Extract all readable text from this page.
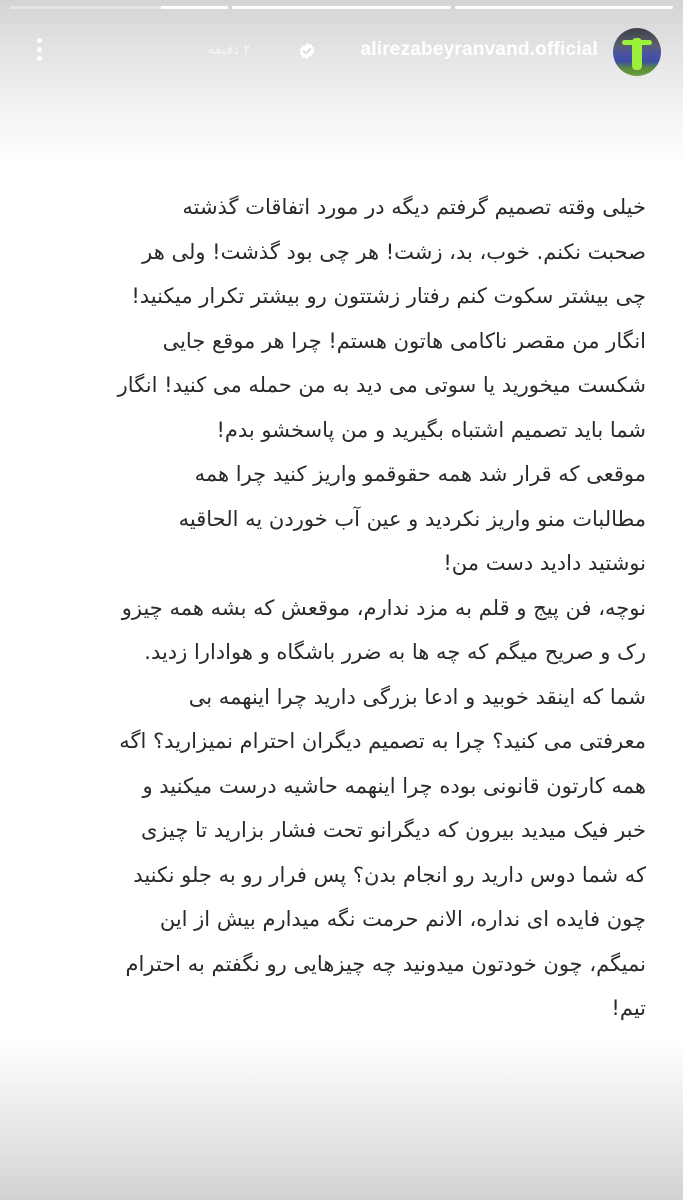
alirezabeyranvand.official
۲ دقیقه

خیلی وقته تصمیم گرفتم دیگه در مورد اتفاقات گذشته

صحبت نکنم. خوب، بد، زشت! هر چی بود گذشت! ولی هر

چی بیشتر سکوت کنم رفتار زشتتون رو بیشتر تکرار میکنید!

انگار من مقصر ناکامی هاتون هستم! چرا هر موقع جایی

شکست میخورید یا سوتی می دید به من حمله می کنید! انگار

شما باید تصمیم اشتباه بگیرید و من پاسخشو بدم!

موقعی که قرار شد همه حقوقمو واریز کنید چرا همه

مطالبات منو واریز نکردید و عین آب خوردن یه الحاقیه

نوشتید دادید دست من!

نوچه، فن پیج و قلم به مزد ندارم، موقعش که بشه همه چیزو

رک و صریح میگم که چه ها به ضرر باشگاه و هوادارا زدید.

شما که اینقد خوبید و ادعا بزرگی دارید چرا اینهمه بی

معرفتی می کنید؟ چرا به تصمیم دیگران احترام نمیزارید؟ اگه

همه کارتون قانونی بوده چرا اینهمه حاشیه درست میکنید و

خبر فیک میدید بیرون که دیگرانو تحت فشار بزارید تا چیزی

که شما دوس دارید رو انجام بدن؟ پس فرار رو به جلو نکنید

چون فایده ای نداره، الانم حرمت نگه میدارم بیش از این

نمیگم، چون خودتون میدونید چه چیزهایی رو نگفتم به احترام

تیم!
